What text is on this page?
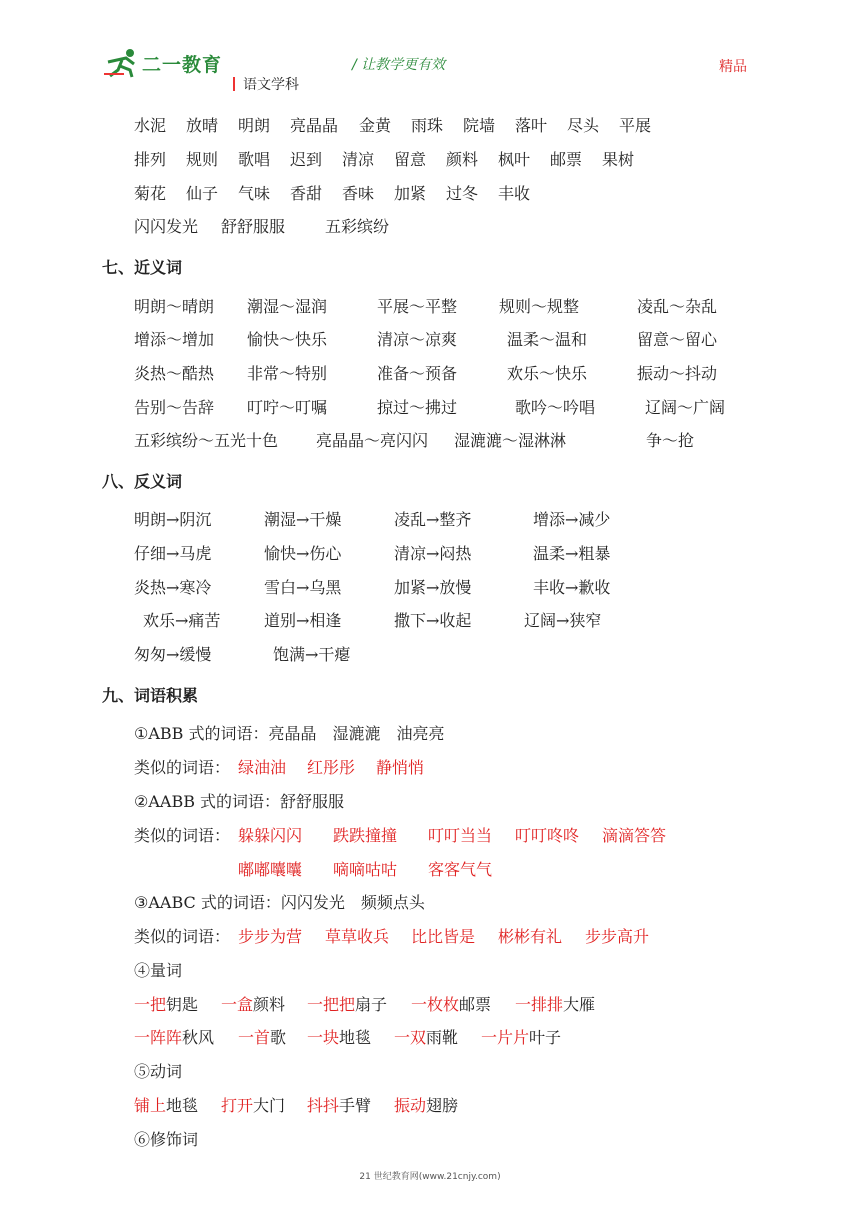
二一教育
语文学科
/ 让教学更有效	精品
水泥 放晴 明朗 亮晶晶 金黄 雨珠 院墙 落叶 尽头 平展
排列 规则 歌唱 迟到 清凉 留意 颜料 枫叶 邮票 果树
菊花 仙子 气味 香甜 香味 加紧 过冬 丰收
闪闪发光 舒舒服服 五彩缤纷
七、近义词
明朗～晴朗 潮湿～湿润	平展～平整	规则～规整	凌乱～杂乱
增添～增加 愉快～快乐	清凉～凉爽	温柔～温和	留意～留心
炎热～酷热 非常～特别	准备～预备	欢乐～快乐	振动～抖动
告别～告辞 叮咛～叮嘱	掠过～拂过	歌吟～吟唱	辽阔～广阔
五彩缤纷～五光十色 亮晶晶～亮闪闪 湿漉漉～湿淋淋	争～抢
八、反义词
明朗→阴沉	潮湿→干燥	凌乱→整齐	增添→减少
仔细→马虎	愉快→伤心	清凉→闷热	温柔→粗暴
炎热→寒冷	雪白→乌黑	加紧→放慢	丰收→歉收
欢乐→痛苦	道别→相逢	撒下→收起	辽阔→狭窄
匆匆→缓慢	饱满→干瘪
九、词语积累
①ABB 式的词语：亮晶晶　湿漉漉　油亮亮
类似的词语： 绿油油 红彤彤 静悄悄
②AABB 式的词语：舒舒服服
类似的词语： 躲躲闪闪 跌跌撞撞 叮叮当当 叮叮咚咚 滴滴答答
嘟嘟囔囔 嘀嘀咕咕 客客气气
③AABC 式的词语：闪闪发光　频频点头
类似的词语： 步步为营 草草收兵 比比皆是 彬彬有礼 步步高升
④量词
一把钥匙 一盒颜料 一把把扇子 一枚枚邮票 一排排大雁
一阵阵秋风 一首歌 一块地毯 一双雨靴 一片片叶子
⑤动词
铺上地毯 打开大门 抖抖手臂 振动翅膀
⑥修饰词
21 世纪教育网(www.21cnjy.com)
